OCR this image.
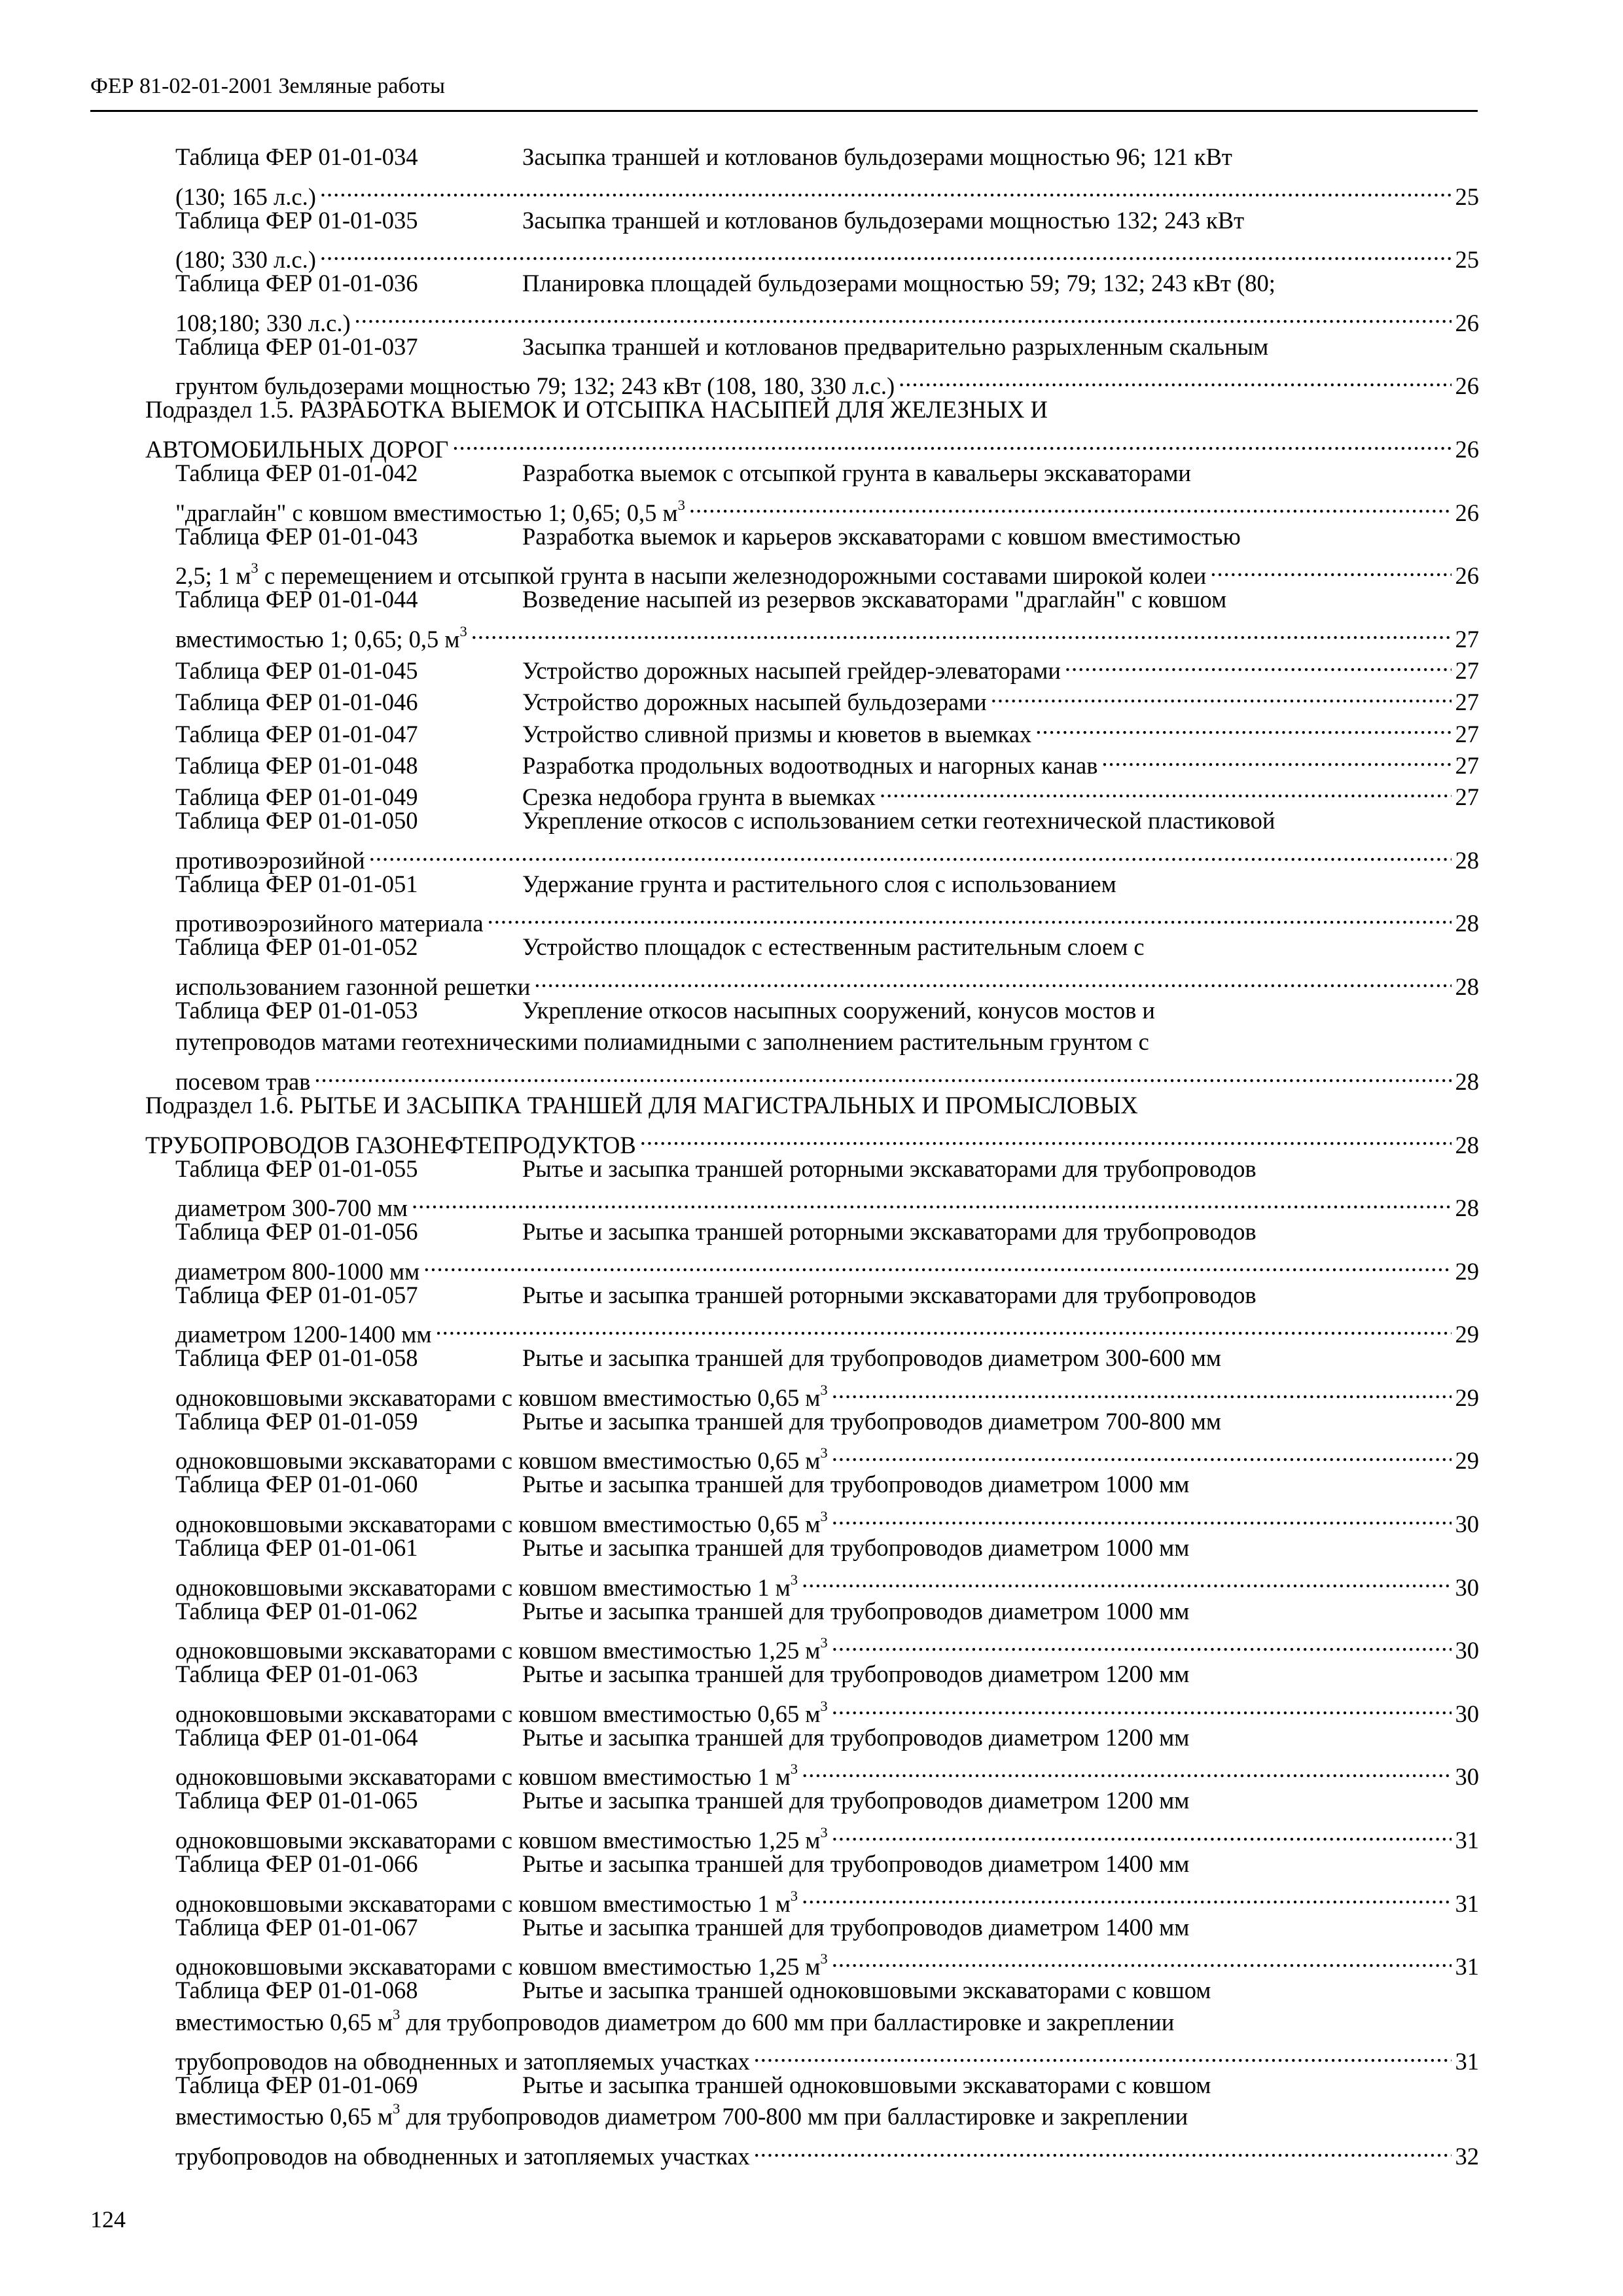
ФЕР 81-02-01-2001 Земляные работы
Таблица ФЕР 01-01-034	Засыпка траншей и котлованов бульдозерами мощностью 96; 121 кВт
(130; 165 л.с.) .....	25
Таблица ФЕР 01-01-035	Засыпка траншей и котлованов бульдозерами мощностью 132; 243 кВт
(180; 330 л.с.) .....	25
Таблица ФЕР 01-01-036	Планировка площадей бульдозерами мощностью 59; 79; 132; 243 кВт (80;
108;180; 330 л.с.) .....	26
Таблица ФЕР 01-01-037	Засыпка траншей и котлованов предварительно разрыхленным скальным
грунтом бульдозерами мощностью 79; 132; 243 кВт (108, 180, 330 л.с.) .....	26
Подраздел 1.5. РАЗРАБОТКА ВЫЕМОК И ОТСЫПКА НАСЫПЕЙ ДЛЯ ЖЕЛЕЗНЫХ И
АВТОМОБИЛЬНЫХ ДОРОГ .....	26
Таблица ФЕР 01-01-042	Разработка выемок с отсыпкой грунта в кавальеры экскаваторами
"драглайн" с ковшом вместимостью 1; 0,65; 0,5 $м^3$ .....	26
Таблица ФЕР 01-01-043	Разработка выемок и карьеров экскаваторами с ковшом вместимостью
2,5; 1 $м^3$ с перемещением и отсыпкой грунта в насыпи железнодорожными составами широкой колеи .....	26
Таблица ФЕР 01-01-044	Возведение насыпей из резервов экскаваторами "драглайн" с ковшом
вместимостью 1; 0,65; 0,5 $м^3$ .....	27
Таблица ФЕР 01-01-045	Устройство дорожных насыпей грейдер-элеваторами .....	27
Таблица ФЕР 01-01-046	Устройство дорожных насыпей бульдозерами .....	27
Таблица ФЕР 01-01-047	Устройство сливной призмы и кюветов в выемках .....	27
Таблица ФЕР 01-01-048	Разработка продольных водоотводных и нагорных канав .....	27
Таблица ФЕР 01-01-049	Срезка недобора грунта в выемках .....	27
Таблица ФЕР 01-01-050	Укрепление откосов с использованием сетки геотехнической пластиковой
противоэрозийной .....	28
Таблица ФЕР 01-01-051	Удержание грунта и растительного слоя с использованием
противоэрозийного материала .....	28
Таблица ФЕР 01-01-052	Устройство площадок с естественным растительным слоем с
использованием газонной решетки .....	28
Таблица ФЕР 01-01-053	Укрепление откосов насыпных сооружений, конусов мостов и
путепроводов матами геотехническими полиамидными с заполнением растительным грунтом с
посевом трав .....	28
Подраздел 1.6. РЫТЬЕ И ЗАСЫПКА ТРАНШЕЙ ДЛЯ МАГИСТРАЛЬНЫХ И ПРОМЫСЛОВЫХ
ТРУБОПРОВОДОВ ГАЗОНЕФТЕПРОДУКТОВ .....	28
Таблица ФЕР 01-01-055	Рытье и засыпка траншей роторными экскаваторами для трубопроводов
диаметром 300-700 мм .....	28
Таблица ФЕР 01-01-056	Рытье и засыпка траншей роторными экскаваторами для трубопроводов
диаметром 800-1000 мм .....	29
Таблица ФЕР 01-01-057	Рытье и засыпка траншей роторными экскаваторами для трубопроводов
диаметром 1200-1400 мм .....	29
Таблица ФЕР 01-01-058	Рытье и засыпка траншей для трубопроводов диаметром 300-600 мм
одноковшовыми экскаваторами с ковшом вместимостью 0,65 $м^3$ .....	29
Таблица ФЕР 01-01-059	Рытье и засыпка траншей для трубопроводов диаметром 700-800 мм
одноковшовыми экскаваторами с ковшом вместимостью 0,65 $м^3$ .....	29
Таблица ФЕР 01-01-060	Рытье и засыпка траншей для трубопроводов диаметром 1000 мм
одноковшовыми экскаваторами с ковшом вместимостью 0,65 $м^3$ .....	30
Таблица ФЕР 01-01-061	Рытье и засыпка траншей для трубопроводов диаметром 1000 мм
одноковшовыми экскаваторами с ковшом вместимостью 1 $м^3$ .....	30
Таблица ФЕР 01-01-062	Рытье и засыпка траншей для трубопроводов диаметром 1000 мм
одноковшовыми экскаваторами с ковшом вместимостью 1,25 $м^3$ .....	30
Таблица ФЕР 01-01-063	Рытье и засыпка траншей для трубопроводов диаметром 1200 мм
одноковшовыми экскаваторами с ковшом вместимостью 0,65 $м^3$ .....	30
Таблица ФЕР 01-01-064	Рытье и засыпка траншей для трубопроводов диаметром 1200 мм
одноковшовыми экскаваторами с ковшом вместимостью 1 $м^3$ .....	30
Таблица ФЕР 01-01-065	Рытье и засыпка траншей для трубопроводов диаметром 1200 мм
одноковшовыми экскаваторами с ковшом вместимостью 1,25 $м^3$ .....	31
Таблица ФЕР 01-01-066	Рытье и засыпка траншей для трубопроводов диаметром 1400 мм
одноковшовыми экскаваторами с ковшом вместимостью 1 $м^3$ .....	31
Таблица ФЕР 01-01-067	Рытье и засыпка траншей для трубопроводов диаметром 1400 мм
одноковшовыми экскаваторами с ковшом вместимостью 1,25 $м^3$ .....	31
Таблица ФЕР 01-01-068	Рытье и засыпка траншей одноковшовыми экскаваторами с ковшом
вместимостью 0,65 $м^3$ для трубопроводов диаметром до 600 мм при балластировке и закреплении
трубопроводов на обводненных и затопляемых участках .....	31
Таблица ФЕР 01-01-069	Рытье и засыпка траншей одноковшовыми экскаваторами с ковшом
вместимостью 0,65 $м^3$ для трубопроводов диаметром 700-800 мм при балластировке и закреплении
трубопроводов на обводненных и затопляемых участках .....	32
124
